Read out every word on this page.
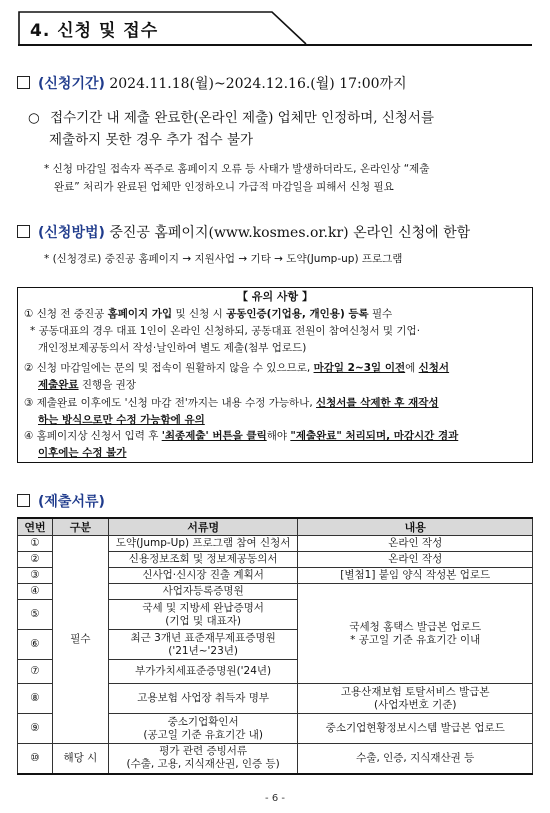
4. 신청 및 접수
(신청기간) 2024.11.18(월)~2024.12.16.(월) 17:00까지
○ 접수기간 내 제출 완료한(온라인 제출) 업체만 인정하며, 신청서를
제출하지 못한 경우 추가 접수 불가
* 신청 마감일 접속자 폭주로 홈페이지 오류 등 사태가 발생하더라도, 온라인상 “제출
완료” 처리가 완료된 업체만 인정하오니 가급적 마감일을 피해서 신청 필요
(신청방법) 중진공 홈페이지(www.kosmes.or.kr) 온라인 신청에 한함
* (신청경로) 중진공 홈페이지 → 지원사업 → 기타 → 도약(Jump-up) 프로그램
【 유의 사항 】
① 신청 전 중진공 홈페이지 가입 및 신청 시 공동인증(기업용, 개인용) 등록 필수
* 공동대표의 경우 대표 1인이 온라인 신청하되, 공동대표 전원이 참여신청서 및 기업·
개인정보제공동의서 작성·날인하여 별도 제출(첨부 업로드)
② 신청 마감일에는 문의 및 접속이 원활하지 않을 수 있으므로, 마감일 2~3일 이전에 신청서
제출완료 진행을 권장
③ 제출완료 이후에도 '신청 마감 전'까지는 내용 수정 가능하나, 신청서를 삭제한 후 재작성
하는 방식으로만 수정 가능함에 유의
④ 홈페이지상 신청서 입력 후 '최종제출' 버튼을 클릭해야 "제출완료" 처리되며, 마감시간 경과
이후에는 수정 불가
(제출서류)
연번	구분	서류명	내용
①	필수	도약(Jump-Up) 프로그램 참여 신청서	온라인 작성
②		신용정보조회 및 정보제공동의서	온라인 작성
③		신사업·신시장 진출 계획서	[별첨1] 붙임 양식 작성본 업로드
④		사업자등록증명원	국세청 홈택스 발급본 업로드
* 공고일 기준 유효기간 이내

⑤		국세 및 지방세 완납증명서
(기업 및 대표자)	

⑥		최근 3개년 표준재무제표증명원
('21년~'23년)	

⑦		부가가치세표준증명원('24년)	
⑧		고용보험 사업장 취득자 명부	고용산재보험 토탈서비스 발급본
(사업자번호 기준)

⑨		중소기업확인서
(공고일 기준 유효기간 내)	중소기업현황정보시스템 발급본 업로드
⑩	해당 시	평가 관련 증빙서류
(수출, 고용, 지식재산권, 인증 등)	수출, 인증, 지식재산권 등
- 6 -
